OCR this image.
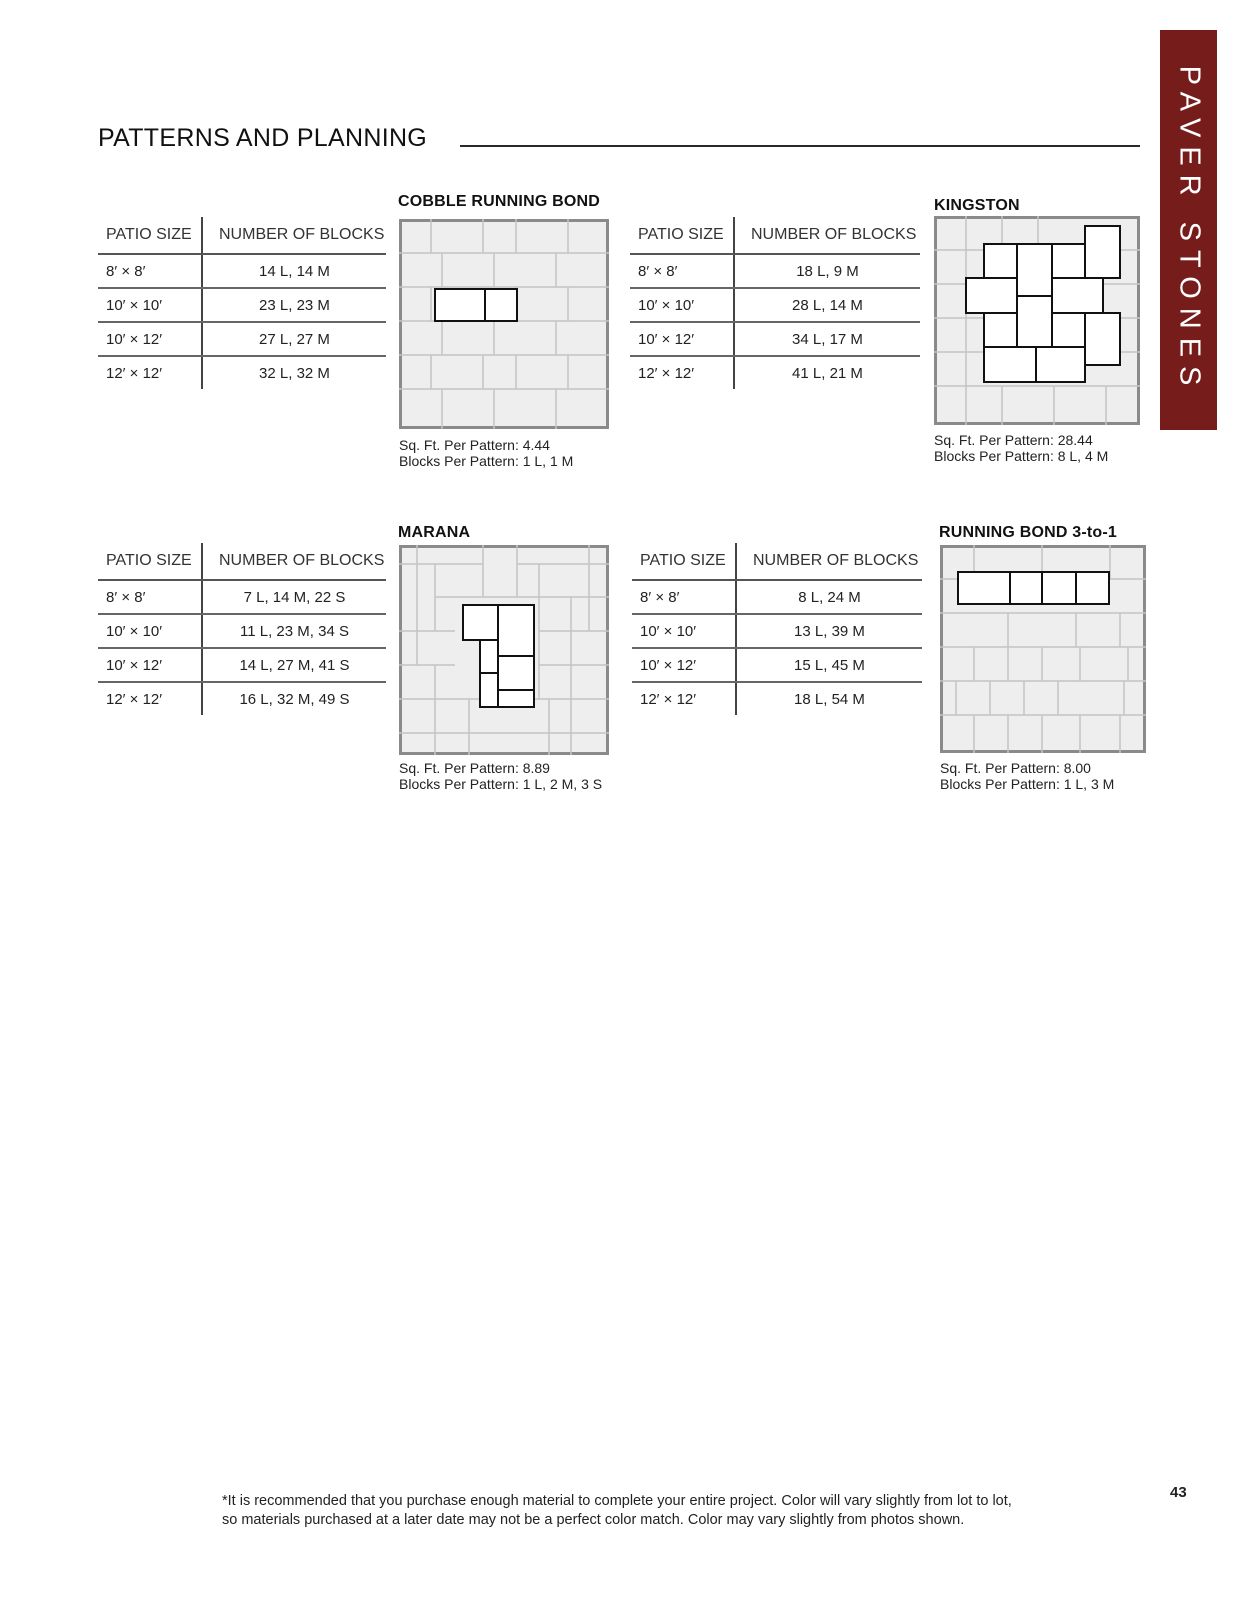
PATTERNS AND PLANNING	PAVER STONES
PATIO SIZE	NUMBER OF BLOCKS
8′ × 8′	14 L, 14 M
10′ × 10′	23 L, 23 M
10′ × 12′	27 L, 27 M
12′ × 12′	32 L, 32 M
COBBLE RUNNING BOND
Sq. Ft. Per Pattern: 4.44
Blocks Per Pattern: 1 L, 1 M
PATIO SIZE	NUMBER OF BLOCKS
8′ × 8′	18 L, 9 M
10′ × 10′	28 L, 14 M
10′ × 12′	34 L, 17 M
12′ × 12′	41 L, 21 M
KINGSTON
Sq. Ft. Per Pattern: 28.44
Blocks Per Pattern: 8 L, 4 M
PATIO SIZE	NUMBER OF BLOCKS
8′ × 8′	7 L, 14 M, 22 S
10′ × 10′	11 L, 23 M, 34 S
10′ × 12′	14 L, 27 M, 41 S
12′ × 12′	16 L, 32 M, 49 S
MARANA
Sq. Ft. Per Pattern: 8.89
Blocks Per Pattern: 1 L, 2 M, 3 S
PATIO SIZE	NUMBER OF BLOCKS
8′ × 8′	8 L, 24 M
10′ × 10′	13 L, 39 M
10′ × 12′	15 L, 45 M
12′ × 12′	18 L, 54 M
RUNNING BOND 3-to-1
Sq. Ft. Per Pattern: 8.00
Blocks Per Pattern: 1 L, 3 M
43
*It is recommended that you purchase enough material to complete your entire project. Color will vary slightly from lot to lot,
so materials purchased at a later date may not be a perfect color match. Color may vary slightly from photos shown.
